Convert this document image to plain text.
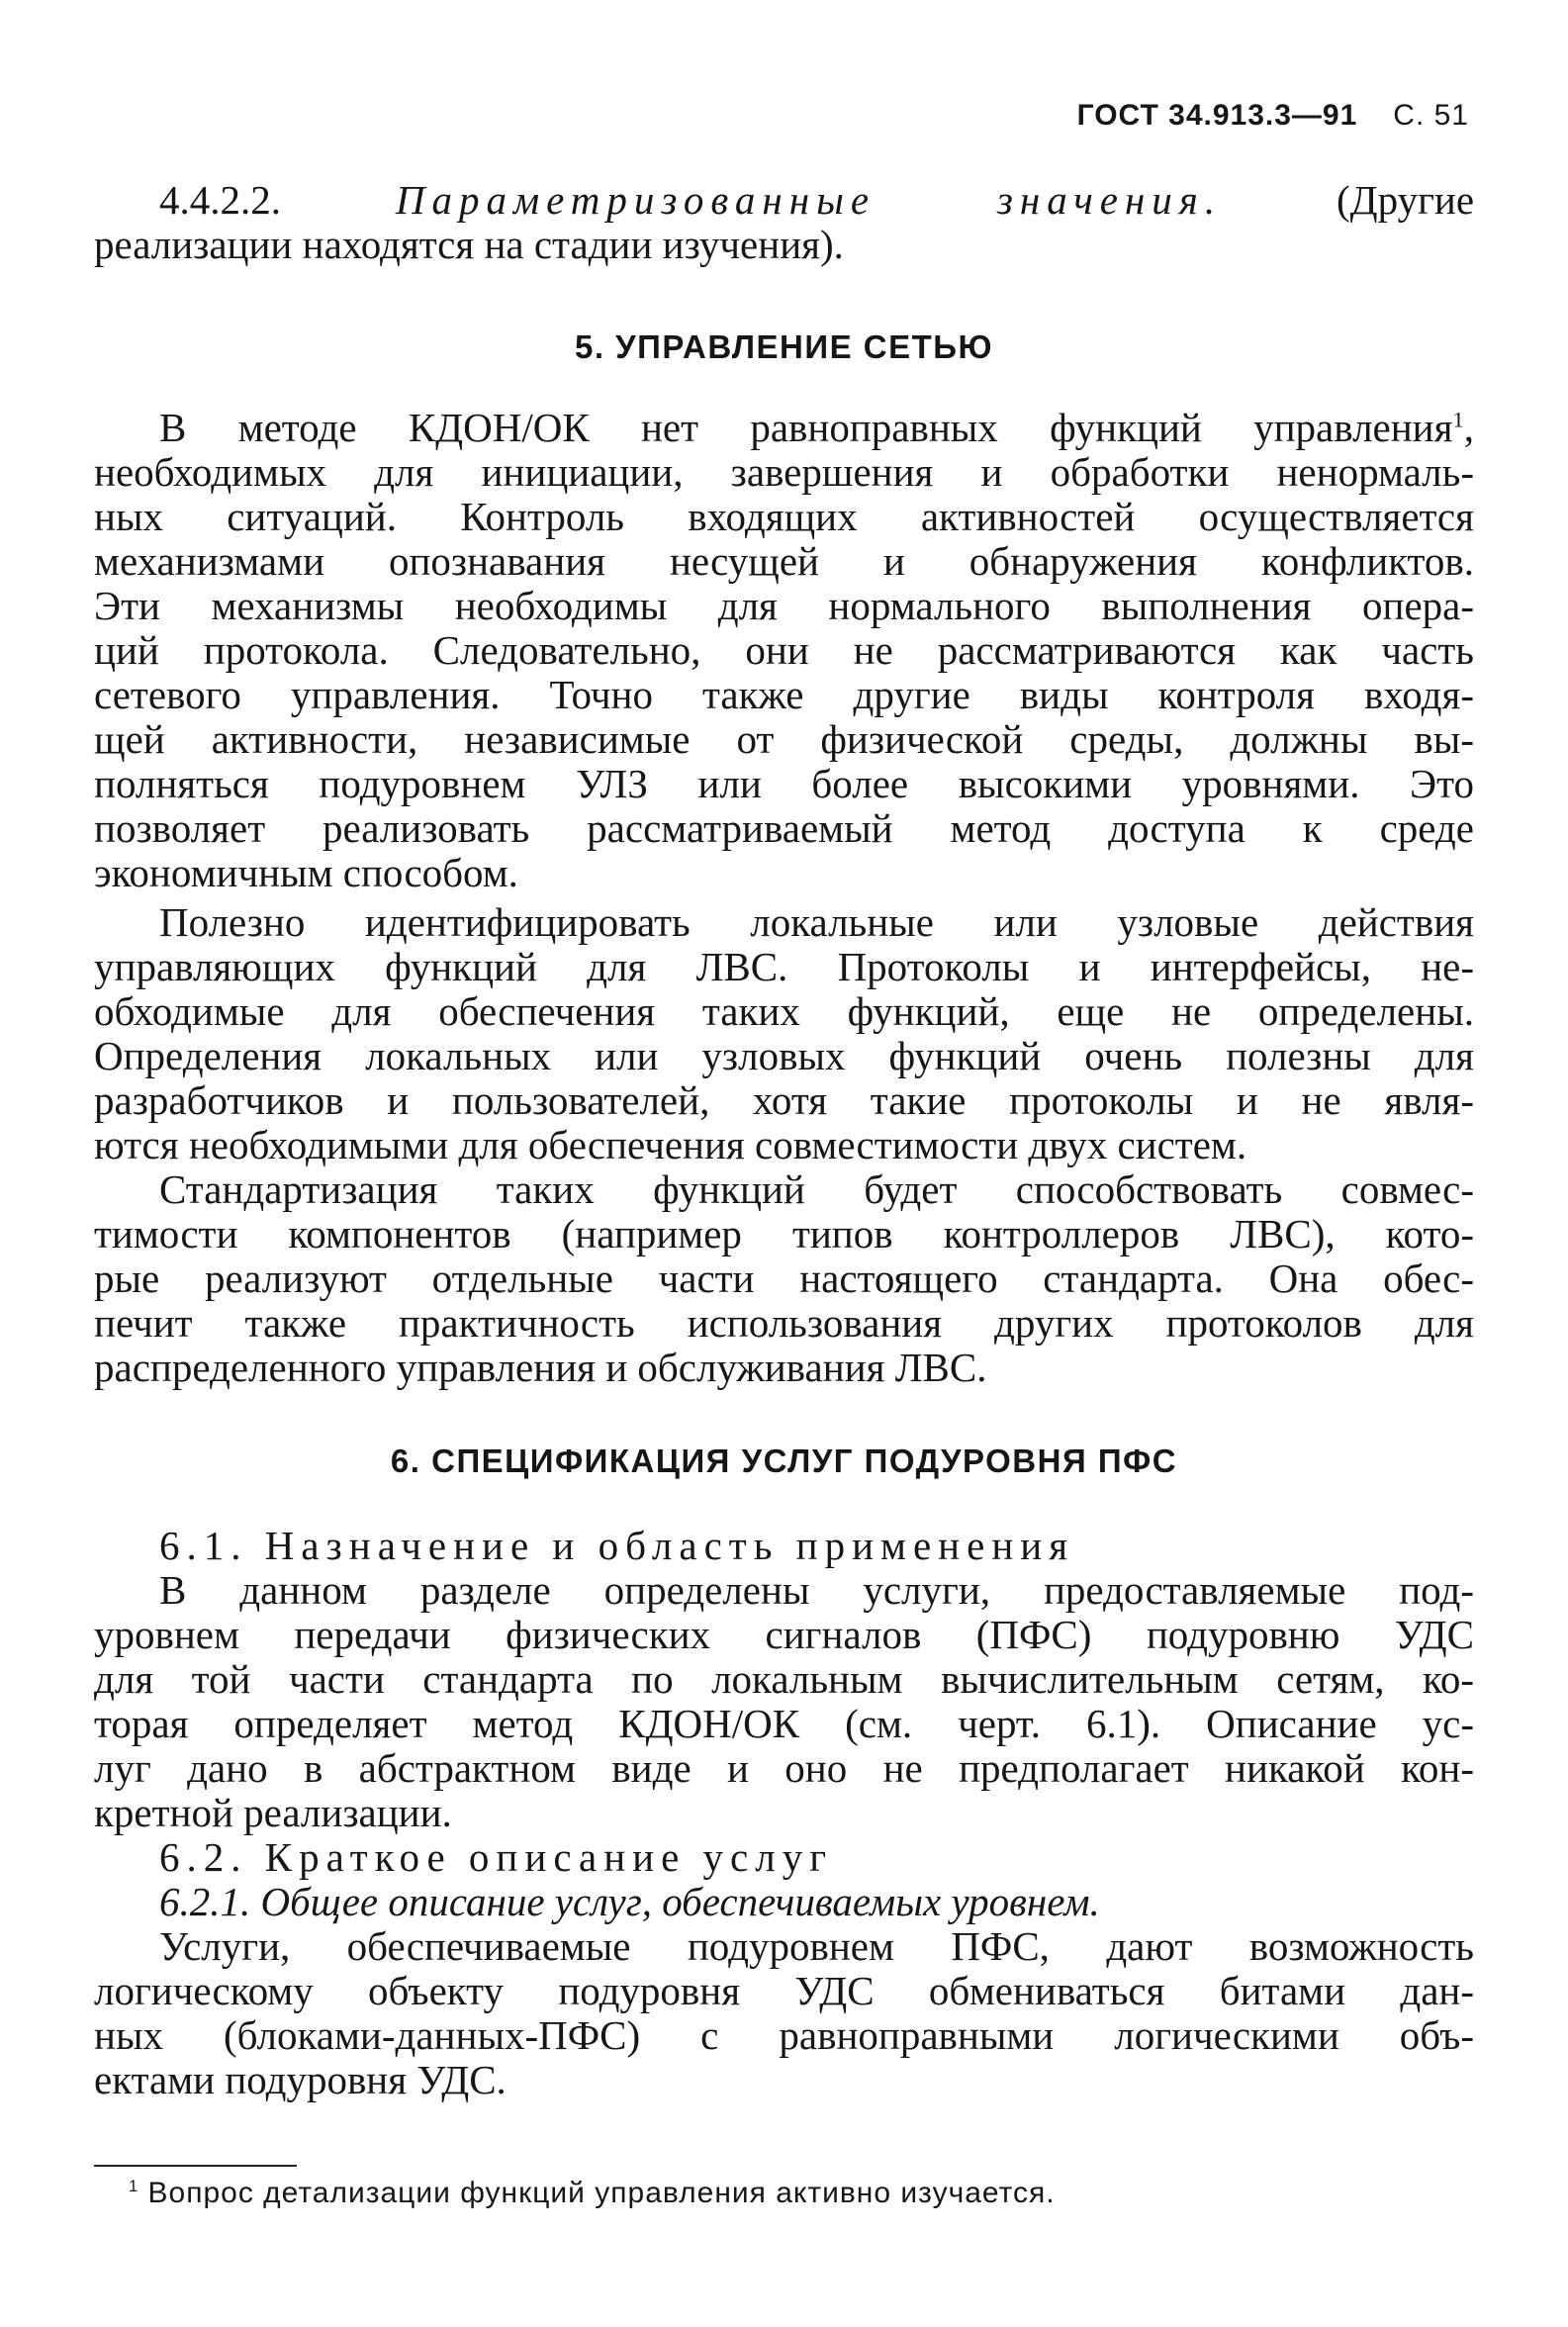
ГОСТ 34.913.3—91 С. 51
4.4.2.2.	Параметризованные значения.	(Другие
реализации находятся на стадии изучения).
5. УПРАВЛЕНИЕ СЕТЬЮ
В методе КДОН/ОК нет равноправных функций управления$^1$,
необходимых для инициации, завершения и обработки ненормаль-
ных ситуаций. Контроль входящих активностей осуществляется
механизмами опознавания несущей и обнаружения конфликтов.
Эти механизмы необходимы для нормального выполнения опера-
ций протокола. Следовательно, они не рассматриваются как часть
сетевого управления. Точно также другие виды контроля входя-
щей активности, независимые от физической среды, должны вы-
полняться подуровнем УЛЗ или более высокими уровнями. Это
позволяет реализовать рассматриваемый метод доступа к среде
экономичным способом.
Полезно идентифицировать локальные или узловые действия
управляющих функций для ЛВС. Протоколы и интерфейсы, не-
обходимые для обеспечения таких функций, еще не определены.
Определения локальных или узловых функций очень полезны для
разработчиков и пользователей, хотя такие протоколы и не явля-
ются необходимыми для обеспечения совместимости двух систем.
Стандартизация таких функций будет способствовать совмес-
тимости компонентов (например типов контроллеров ЛВС), кото-
рые реализуют отдельные части настоящего стандарта. Она обес-
печит также практичность использования других протоколов для
распределенного управления и обслуживания ЛВС.
6. СПЕЦИФИКАЦИЯ УСЛУГ ПОДУРОВНЯ ПФС
6.1. Назначение и область применения
В данном разделе определены услуги, предоставляемые под-
уровнем передачи физических сигналов (ПФС) подуровню УДС
для той части стандарта по локальным вычислительным сетям, ко-
торая определяет метод КДОН/ОК (см. черт. 6.1). Описание ус-
луг дано в абстрактном виде и оно не предполагает никакой кон-
кретной реализации.
6.2. Краткое описание услуг
6.2.1. Общее описание услуг, обеспечиваемых уровнем.
Услуги, обеспечиваемые подуровнем ПФС, дают возможность
логическому объекту подуровня УДС обмениваться битами дан-
ных (блоками-данных-ПФС) с равноправными логическими объ-
ектами подуровня УДС.
$^1$ Вопрос детализации функций управления активно изучается.
